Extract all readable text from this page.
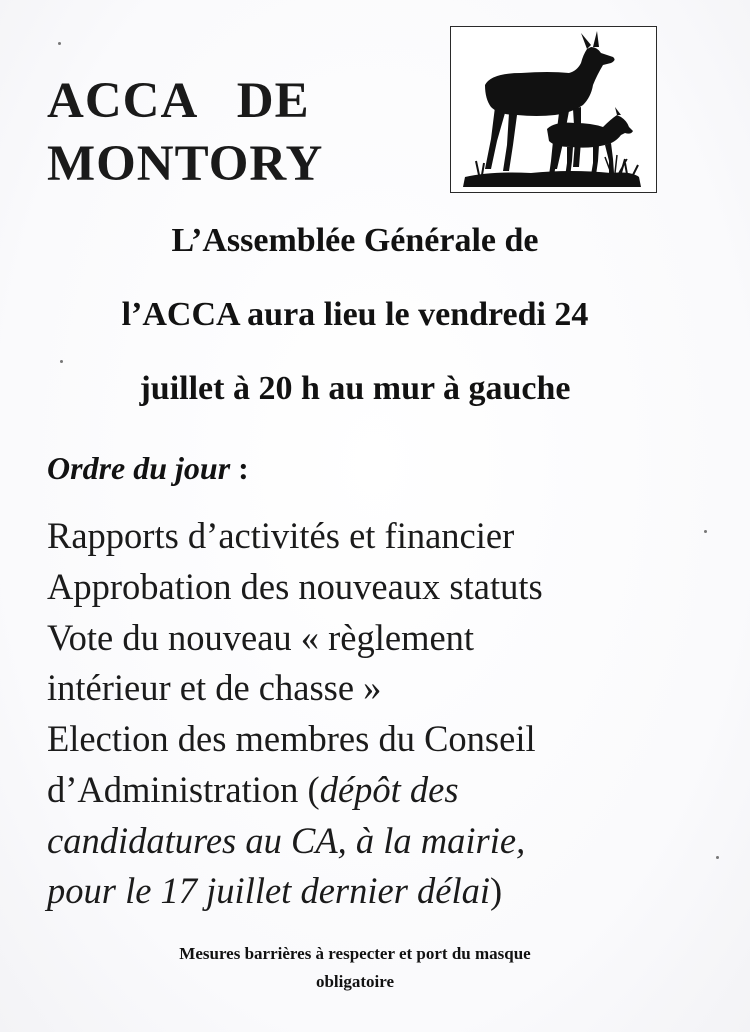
ACCA   DE
MONTORY
L’Assemblée Générale de
l’ACCA aura lieu le vendredi 24
juillet à 20 h au mur à gauche
Ordre du jour :
Rapports d’activités et financier
Approbation des nouveaux statuts
Vote du nouveau « règlement
intérieur et de chasse »
Election des membres du Conseil
d’Administration (dépôt des
candidatures au CA, à la mairie,
pour le 17 juillet dernier délai)
Mesures barrières à respecter et port du masque
obligatoire
